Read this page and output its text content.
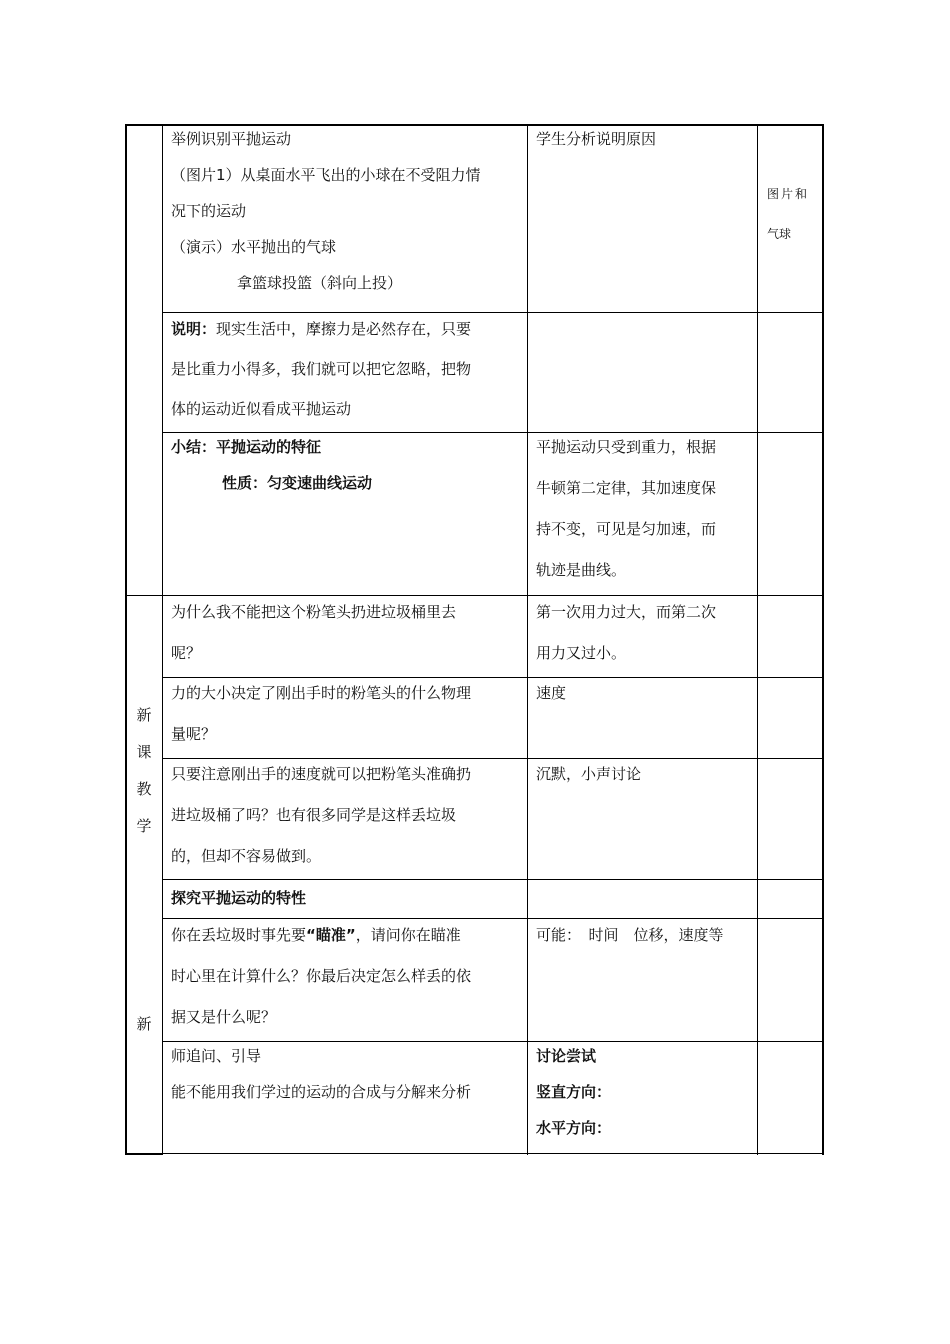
新
课
教
学
新
举例识别平抛运动
（图片1）从桌面水平飞出的小球在不受阻力情
况下的运动
（演示）水平抛出的气球
拿篮球投篮（斜向上投）
学生分析说明原因
图片和
气球
说明：现实生活中，摩擦力是必然存在，只要
是比重力小得多，我们就可以把它忽略，把物
体的运动近似看成平抛运动
小结：平抛运动的特征
性质：匀变速曲线运动
平抛运动只受到重力，根据
牛顿第二定律，其加速度保
持不变，可见是匀加速，而
轨迹是曲线。
为什么我不能把这个粉笔头扔进垃圾桶里去
呢？
第一次用力过大，而第二次
用力又过小。
力的大小决定了刚出手时的粉笔头的什么物理
量呢？
速度
只要注意刚出手的速度就可以把粉笔头准确扔
进垃圾桶了吗？也有很多同学是这样丢垃圾
的，但却不容易做到。
沉默，小声讨论
探究平抛运动的特性
你在丢垃圾时事先要“瞄准”，请问你在瞄准
时心里在计算什么？你最后决定怎么样丢的依
据又是什么呢？
可能：　时间　位移，速度等
师追问、引导
能不能用我们学过的运动的合成与分解来分析
讨论尝试
竖直方向：
水平方向：
